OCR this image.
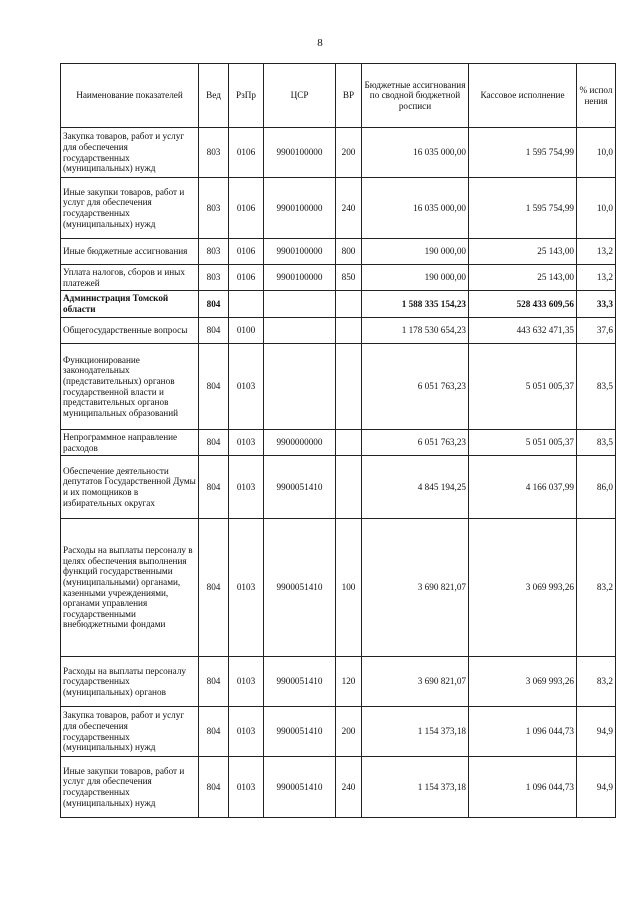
8
Наименование показателей	Вед	РзПр	ЦСР	ВР	Бюджетные ассигнования по сводной бюджетной росписи	Кассовое исполнение	% испол нения
Закупка товаров, работ и услуг для обеспечения государственных (муниципальных) нужд	803	0106	9900100000	200	16 035 000,00	1 595 754,99	10,0
Иные закупки товаров, работ и услуг для обеспечения государственных (муниципальных) нужд	803	0106	9900100000	240	16 035 000,00	1 595 754,99	10,0
Иные бюджетные ассигнования	803	0106	9900100000	800	190 000,00	25 143,00	13,2
Уплата налогов, сборов и иных платежей	803	0106	9900100000	850	190 000,00	25 143,00	13,2
Администрация Томской области	804				1 588 335 154,23	528 433 609,56	33,3
Общегосударственные вопросы	804	0100			1 178 530 654,23	443 632 471,35	37,6
Функционирование законодательных (представительных) органов государственной власти и представительных органов муниципальных образований	804	0103			6 051 763,23	5 051 005,37	83,5
Непрограммное направление расходов	804	0103	9900000000		6 051 763,23	5 051 005,37	83,5
Обеспечение деятельности депутатов Государственной Думы и их помощников в избирательных округах	804	0103	9900051410		4 845 194,25	4 166 037,99	86,0
Расходы на выплаты персоналу в целях обеспечения выполнения функций государственными (муниципальными) органами, казенными учреждениями, органами управления государственными внебюджетными фондами	804	0103	9900051410	100	3 690 821,07	3 069 993,26	83,2
Расходы на выплаты персоналу государственных (муниципальных) органов	804	0103	9900051410	120	3 690 821,07	3 069 993,26	83,2
Закупка товаров, работ и услуг для обеспечения государственных (муниципальных) нужд	804	0103	9900051410	200	1 154 373,18	1 096 044,73	94,9
Иные закупки товаров, работ и услуг для обеспечения государственных (муниципальных) нужд	804	0103	9900051410	240	1 154 373,18	1 096 044,73	94,9
